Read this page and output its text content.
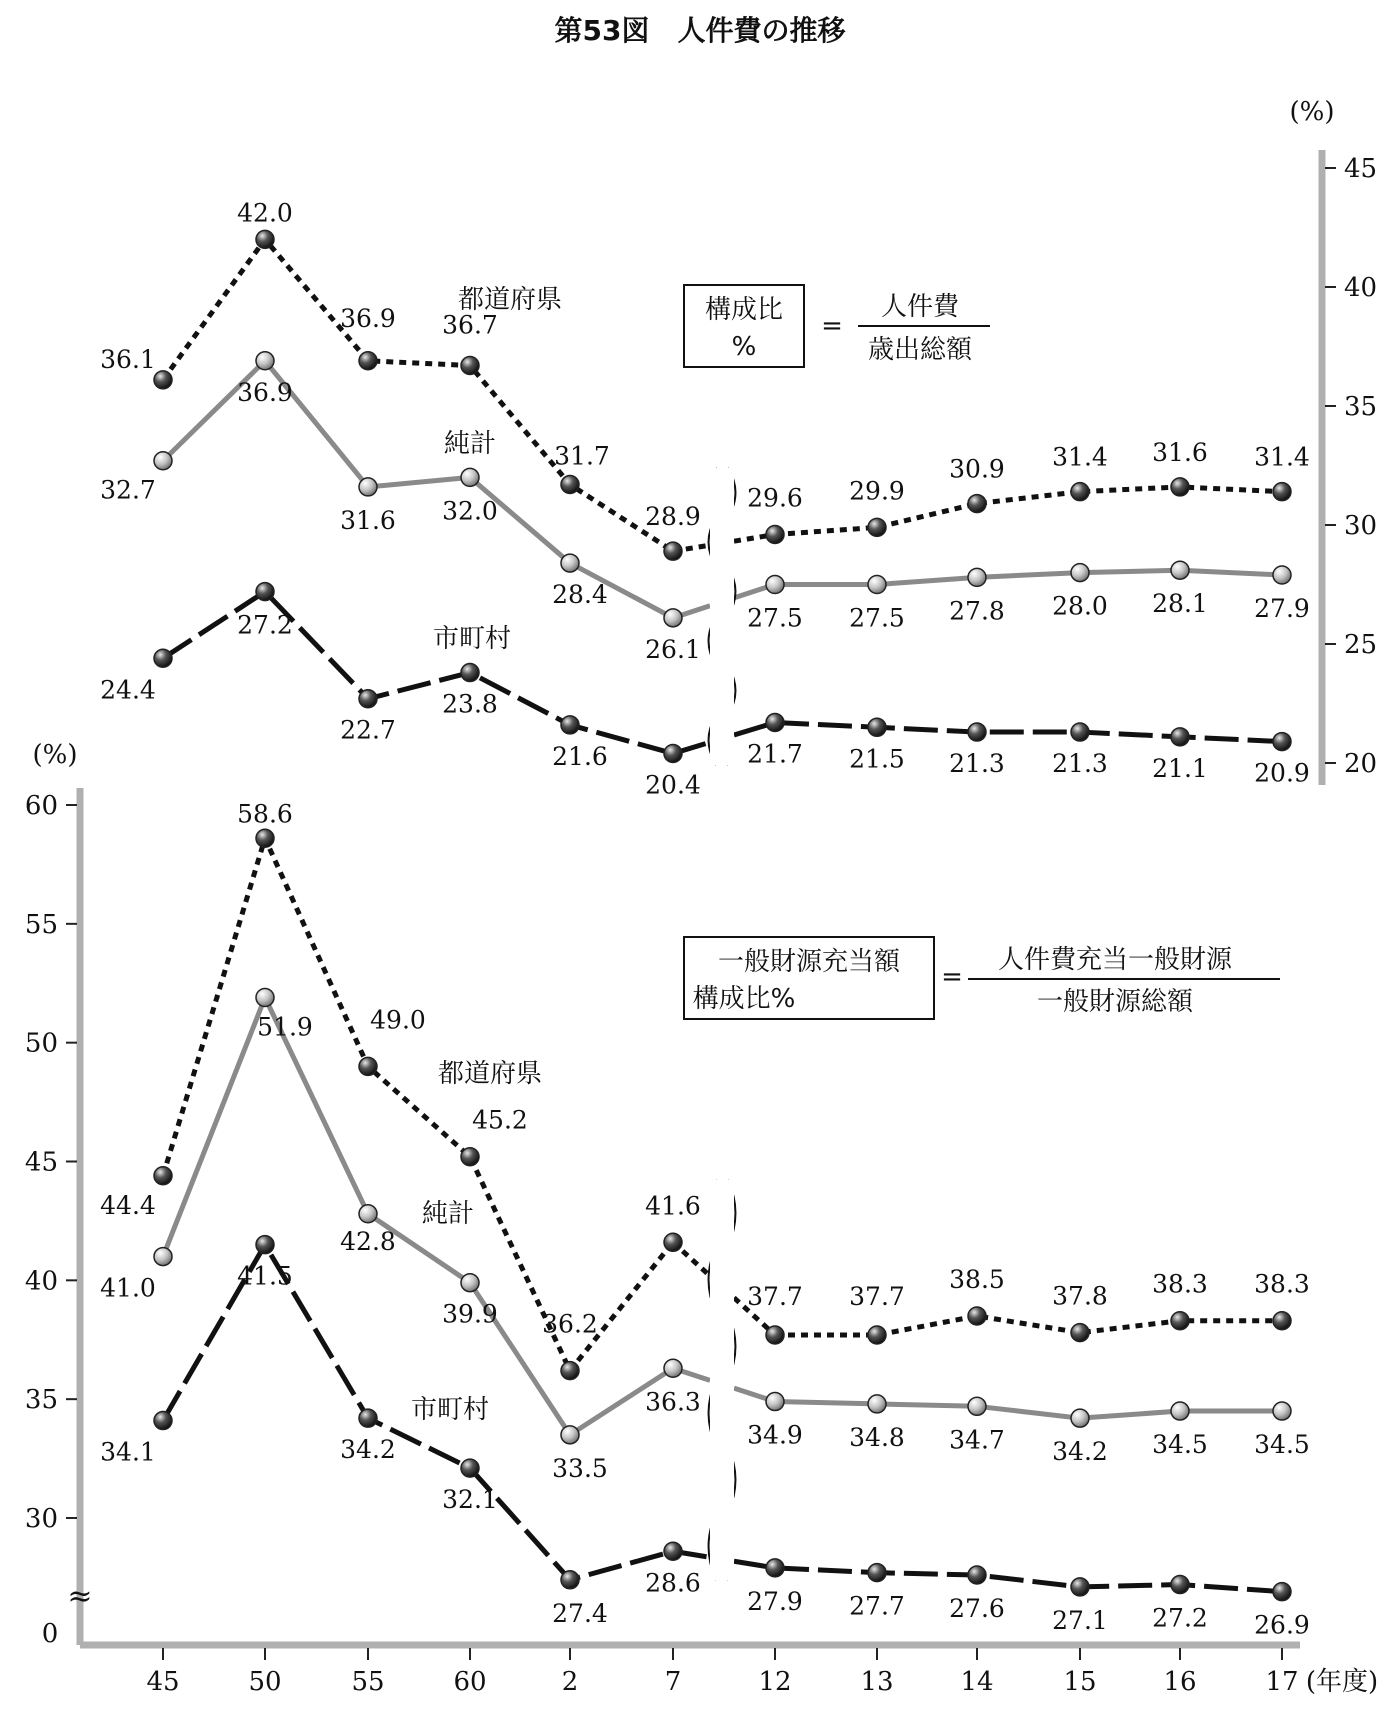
第53図　人件費の推移
36.1
42.0
36.9 36.7
31.7
28.9
29.6 29.9
30.9 31.4 31.6 31.4
都道府県
32.7
36.9
31.6 32.0
28.4
26.1
27.5 27.5 27.8 28.0 28.1 27.9
純計
24.4
27.2
22.7
23.8
21.6
20.4
21.7 21.5 21.3 21.3 21.1 20.9
市町村
構成比
%
=
人件費
歳出総額
44.4
58.6
49.0
45.2
36.2
41.6
37.7 37.7
38.5
37.8 38.3 38.3
都道府県
41.0
51.9
42.8
39.9
33.5
36.3
34.9 34.8 34.7 34.2 34.5 34.5
純計
34.1
41.5
34.2
32.1
27.4
28.6
27.9 27.7 27.6 27.1 27.2 26.9
市町村
一般財源充当額
構成比%
=
人件費充当一般財源
一般財源総額
20
25
30
35
40
45
(%)
30
35
40
45
50
55
60
(%)
0
≈
45	50	55	60	2	7	12	13	14	15	16	17 (年度)
